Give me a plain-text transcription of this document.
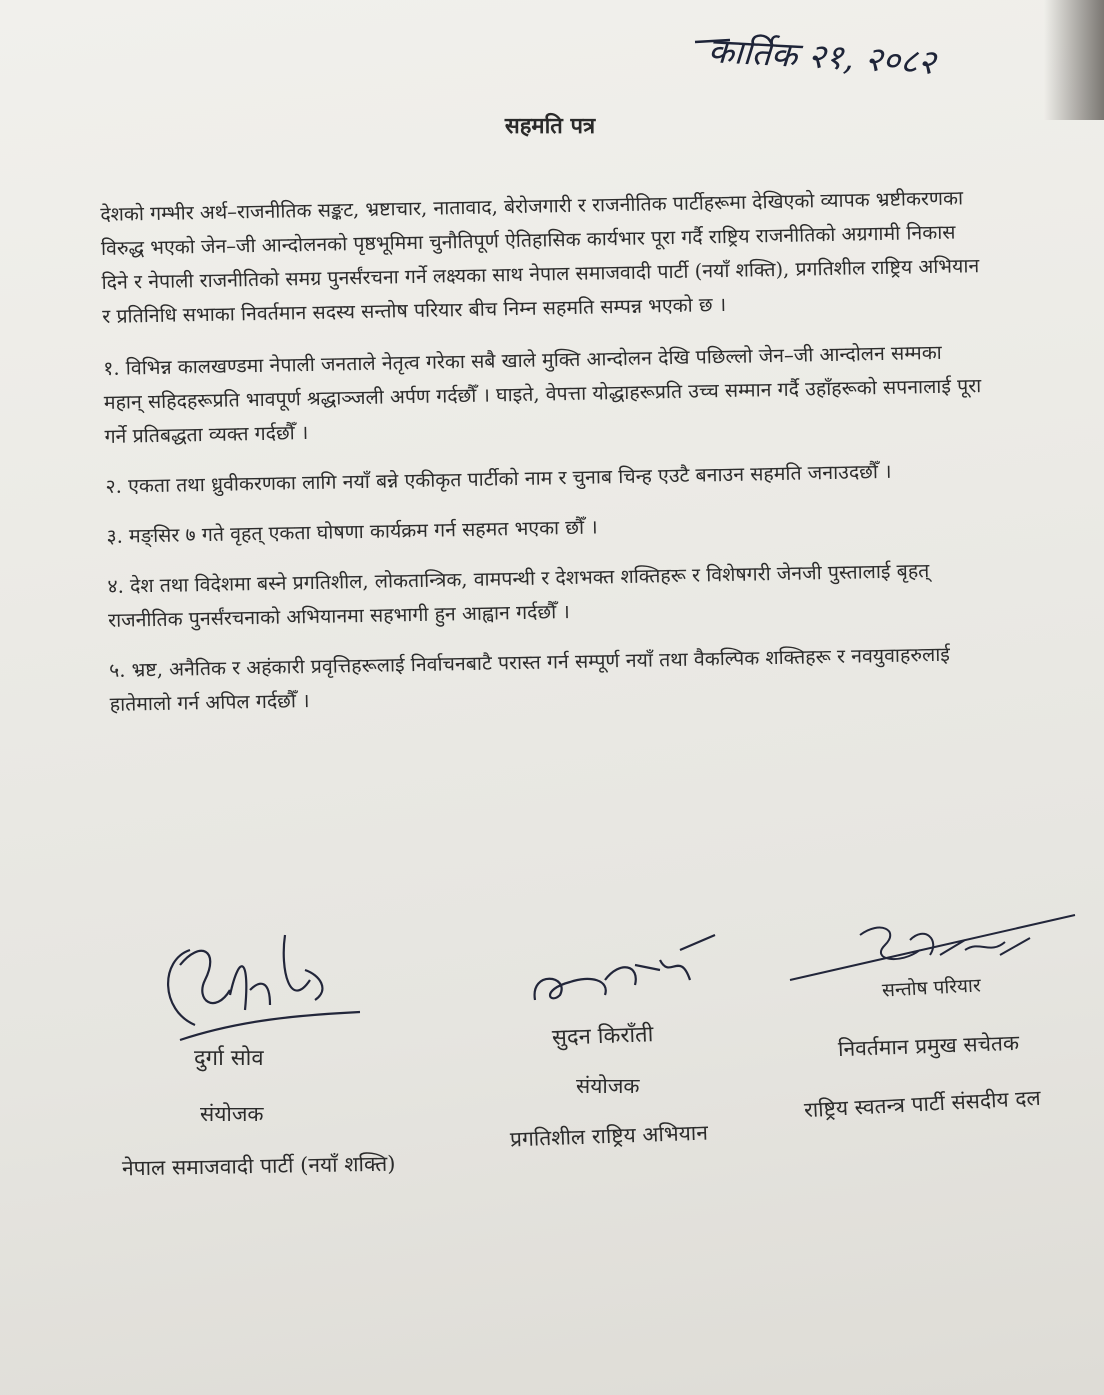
कार्तिक २१, २०८२
सहमति पत्र

देशको गम्भीर अर्थ–राजनीतिक सङ्कट, भ्रष्टाचार, नातावाद, बेरोजगारी र राजनीतिक पार्टीहरूमा देखिएको व्यापक भ्रष्टीकरणका विरुद्ध भएको जेन–जी आन्दोलनको पृष्ठभूमिमा चुनौतिपूर्ण ऐतिहासिक कार्यभार पूरा गर्दै राष्ट्रिय राजनीतिको अग्रगामी निकास दिने र नेपाली राजनीतिको समग्र पुनर्संरचना गर्ने लक्ष्यका साथ नेपाल समाजवादी पार्टी (नयाँ शक्ति), प्रगतिशील राष्ट्रिय अभियान र प्रतिनिधि सभाका निवर्तमान सदस्य सन्तोष परियार बीच निम्न सहमति सम्पन्न भएको छ ।

१. विभिन्न कालखण्डमा नेपाली जनताले नेतृत्व गरेका सबै खाले मुक्ति आन्दोलन देखि पछिल्लो जेन–जी आन्दोलन सम्मका महान् सहिदहरूप्रति भावपूर्ण श्रद्धाञ्जली अर्पण गर्दछौँ । घाइते, वेपत्ता योद्धाहरूप्रति उच्च सम्मान गर्दै उहाँहरूको सपनालाई पूरा गर्ने प्रतिबद्धता व्यक्त गर्दछौँ ।

२. एकता तथा ध्रुवीकरणका लागि नयाँ बन्ने एकीकृत पार्टीको नाम र चुनाब चिन्ह एउटै बनाउन सहमति जनाउदछौँ ।

३. मङ्सिर ७ गते वृहत् एकता घोषणा कार्यक्रम गर्न सहमत भएका छौँ ।

४. देश तथा विदेशमा बस्ने प्रगतिशील, लोकतान्त्रिक, वामपन्थी र देशभक्त शक्तिहरू र विशेषगरी जेनजी पुस्तालाई बृहत् राजनीतिक पुनर्संरचनाको अभियानमा सहभागी हुन आह्वान गर्दछौँ ।

५. भ्रष्ट, अनैतिक र अहंकारी प्रवृत्तिहरूलाई निर्वाचनबाटै परास्त गर्न सम्पूर्ण नयाँ तथा वैकल्पिक शक्तिहरू र नवयुवाहरुलाई हातेमालो गर्न अपिल गर्दछौँ ।

दुर्गा सोव
संयोजक
नेपाल समाजवादी पार्टी (नयाँ शक्ति)
सुदन किराँती
संयोजक
प्रगतिशील राष्ट्रिय अभियान
सन्तोष परियार
निवर्तमान प्रमुख सचेतक
राष्ट्रिय स्वतन्त्र पार्टी संसदीय दल
